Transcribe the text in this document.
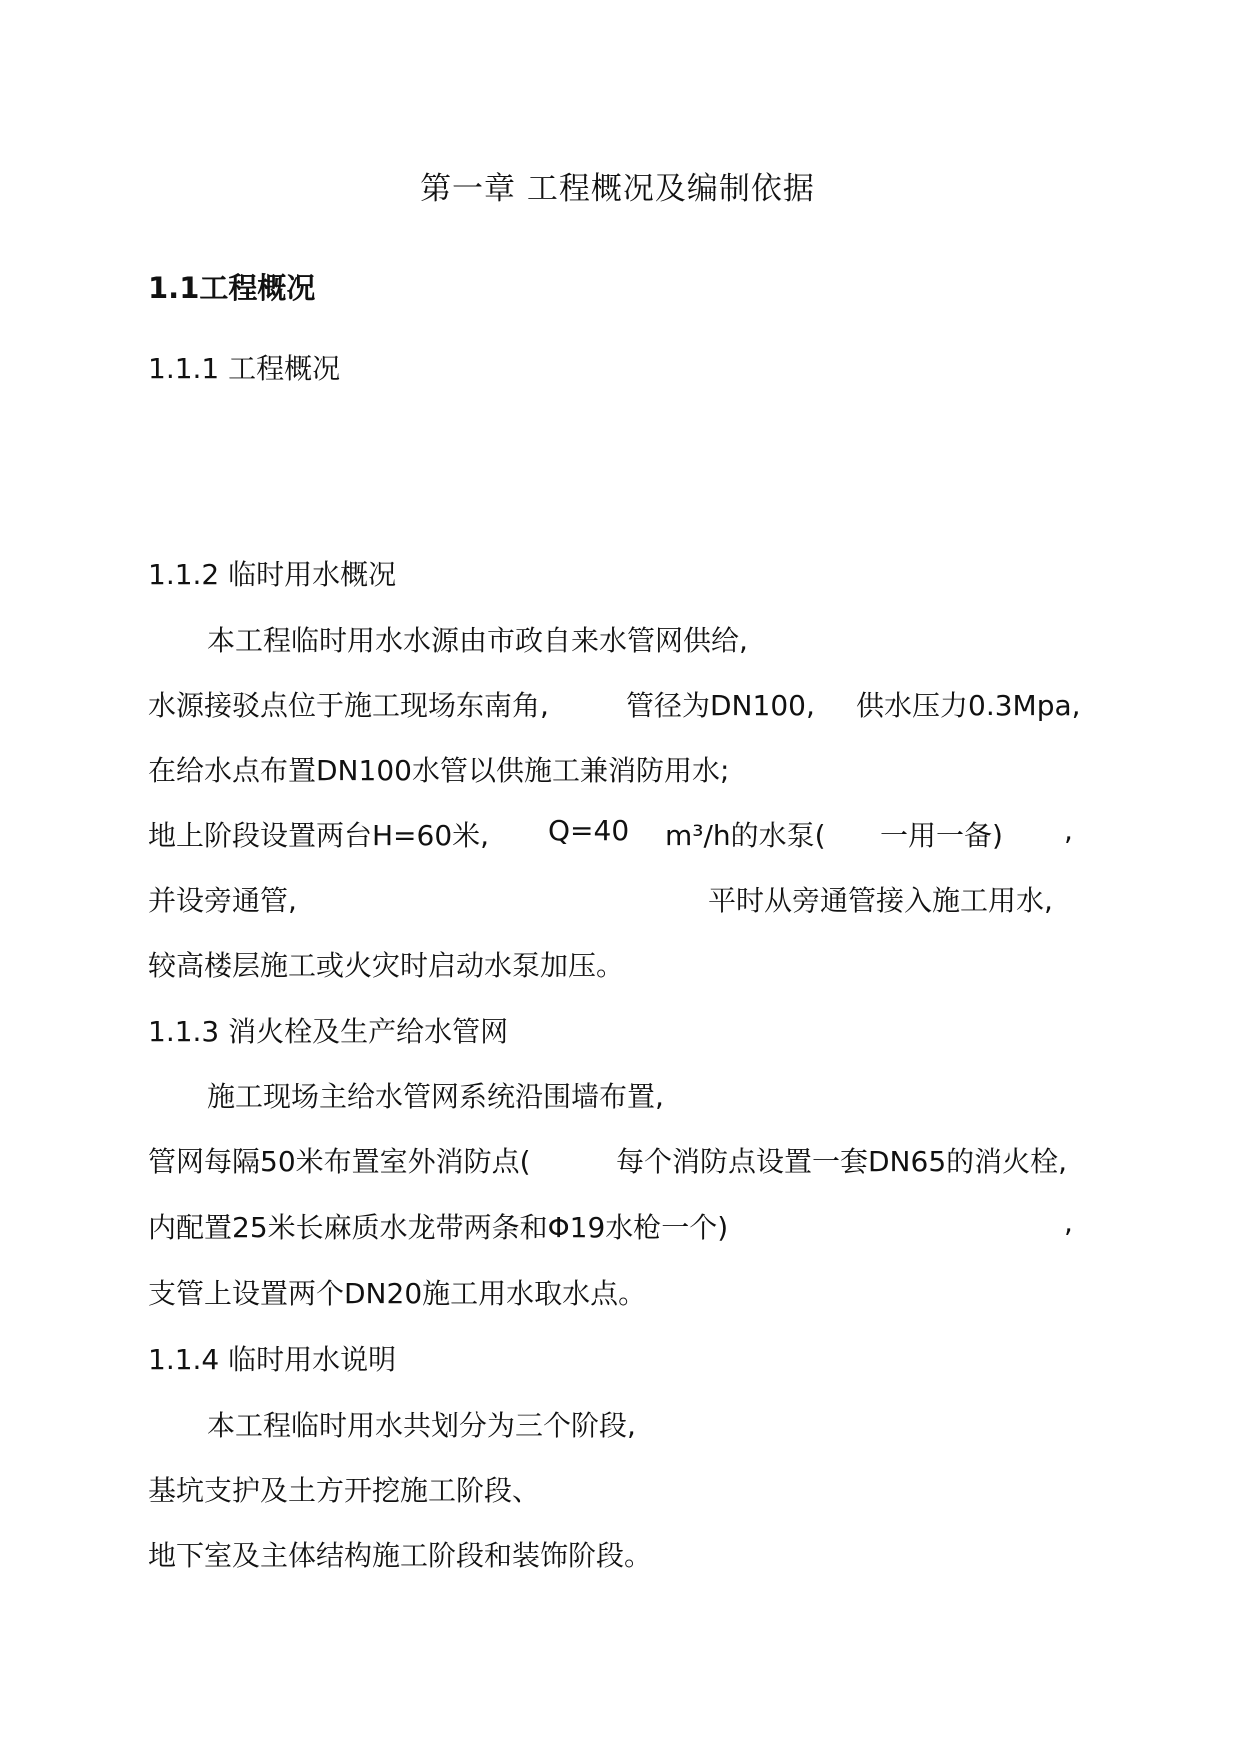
第一章 工程概况及编制依据
1.1工程概况
1.1.1 工程概况
1.1.2 临时用水概况
本工程临时用水水源由市政自来水管网供给,
水源接驳点位于施工现场东南角,	管径为DN100, 供水压力0.3Mpa,
在给水点布置DN100水管以供施工兼消防用水;
地上阶段设置两台H=60米, Q=40 m³/h的水泵( 一用一备) ,
并设旁通管,	平时从旁通管接入施工用水,
较高楼层施工或火灾时启动水泵加压。
1.1.3 消火栓及生产给水管网
施工现场主给水管网系统沿围墙布置,
管网每隔50米布置室外消防点(	每个消防点设置一套DN65的消火栓,
内配置25米长麻质水龙带两条和Φ19水枪一个)	,
支管上设置两个DN20施工用水取水点。
1.1.4 临时用水说明
本工程临时用水共划分为三个阶段,
基坑支护及土方开挖施工阶段、
地下室及主体结构施工阶段和装饰阶段。
